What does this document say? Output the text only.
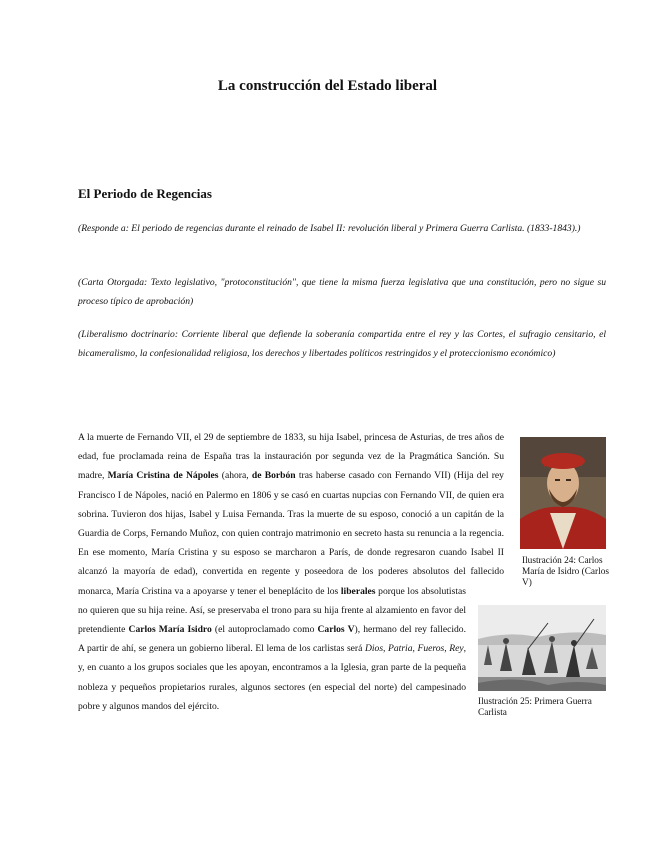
La construcción del Estado liberal
El Periodo de Regencias
(Responde a: El periodo de regencias durante el reinado de Isabel II: revolución liberal y Primera Guerra Carlista. (1833-1843).)
(Carta Otorgada: Texto legislativo, "protoconstitución", que tiene la misma fuerza legislativa que una constitución, pero no sigue su proceso típico de aprobación)
(Liberalismo doctrinario: Corriente liberal que defiende la soberanía compartida entre el rey y las Cortes, el sufragio censitario, el bicameralismo, la confesionalidad religiosa, los derechos y libertades políticos restringidos y el proteccionismo económico)

A la muerte de Fernando VII, el 29 de septiembre de 1833, su hija Isabel, princesa de Asturias, de tres años de edad, fue proclamada reina de España tras la instauración por segunda vez de la Pragmática Sanción. Su madre, María Cristina de Nápoles (ahora, de Borbón tras haberse casado con Fernando VII) (Hija del rey Francisco I de Nápoles, nació en Palermo en 1806 y se casó en cuartas nupcias con Fernando VII, de quien era sobrina. Tuvieron dos hijas, Isabel y Luisa Fernanda. Tras la muerte de su esposo, conoció a un capitán de la Guardia de Corps, Fernando Muñoz, con quien contrajo matrimonio en secreto hasta su renuncia a la regencia. En ese momento, María Cristina y su esposo se marcharon a París, de donde regresaron cuando Isabel II alcanzó la mayoría de edad), convertida en regente y poseedora de los poderes absolutos del fallecido monarca, María Cristina va a apoyarse y tener el beneplácito de los liberales porque los absolutistas no quieren que su hija reine. Así, se preservaba el trono para su hija frente al alzamiento en favor del pretendiente Carlos María Isidro (el autoproclamado como Carlos V), hermano del rey fallecido. A partir de ahí, se genera un gobierno liberal. El lema de los carlistas será Dios, Patria, Fueros, Rey, y, en cuanto a los grupos sociales que les apoyan, encontramos a la Iglesia, gran parte de la pequeña nobleza y pequeños propietarios rurales, algunos sectores (en especial del norte) del campesinado pobre y algunos mandos del ejército.

Ilustración 24: Carlos María de Isidro (Carlos V)
Ilustración 25: Primera Guerra Carlista
